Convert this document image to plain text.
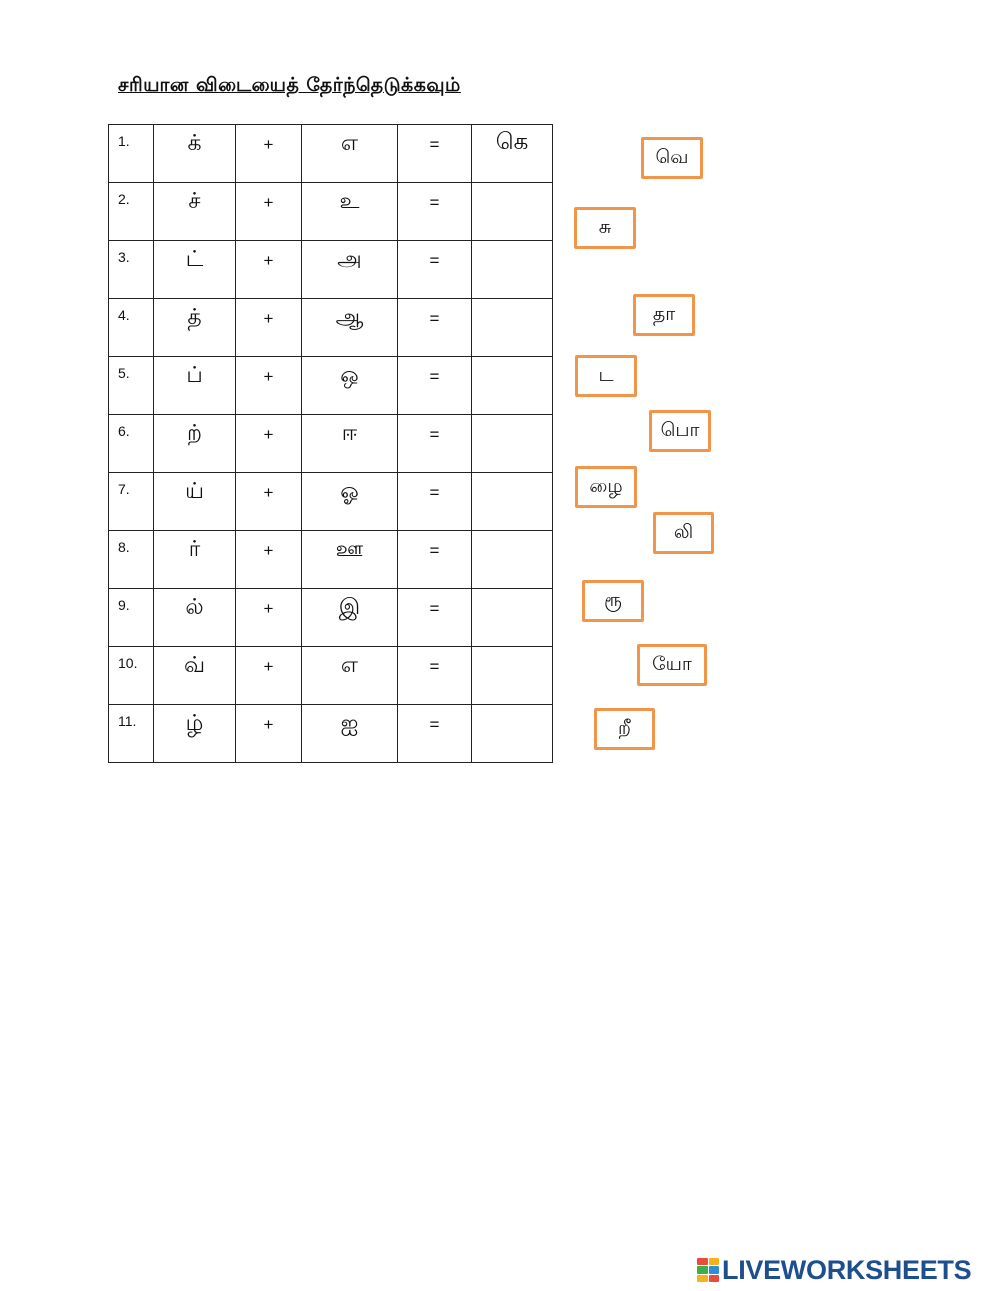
சரியான விடையைத் தேர்ந்தெடுக்கவும்
1.	க்	+	எ	=	கெ

2.	ச்	+	உ	=	

3.	ட்	+	அ	=	

4.	த்	+	ஆ	=	

5.	ப்	+	ஒ	=	

6.	ற்	+	ஈ	=	

7.	ய்	+	ஓ	=	

8.	ர்	+	ஊ	=	

9.	ல்	+	இ	=	

10.	வ்	+	எ	=	

11.	ழ்	+	ஐ	=	

வெ
சு
தா
ட
பொ
ழை
லி
ரூ
யோ
றீ
LIVEWORKSHEETS
